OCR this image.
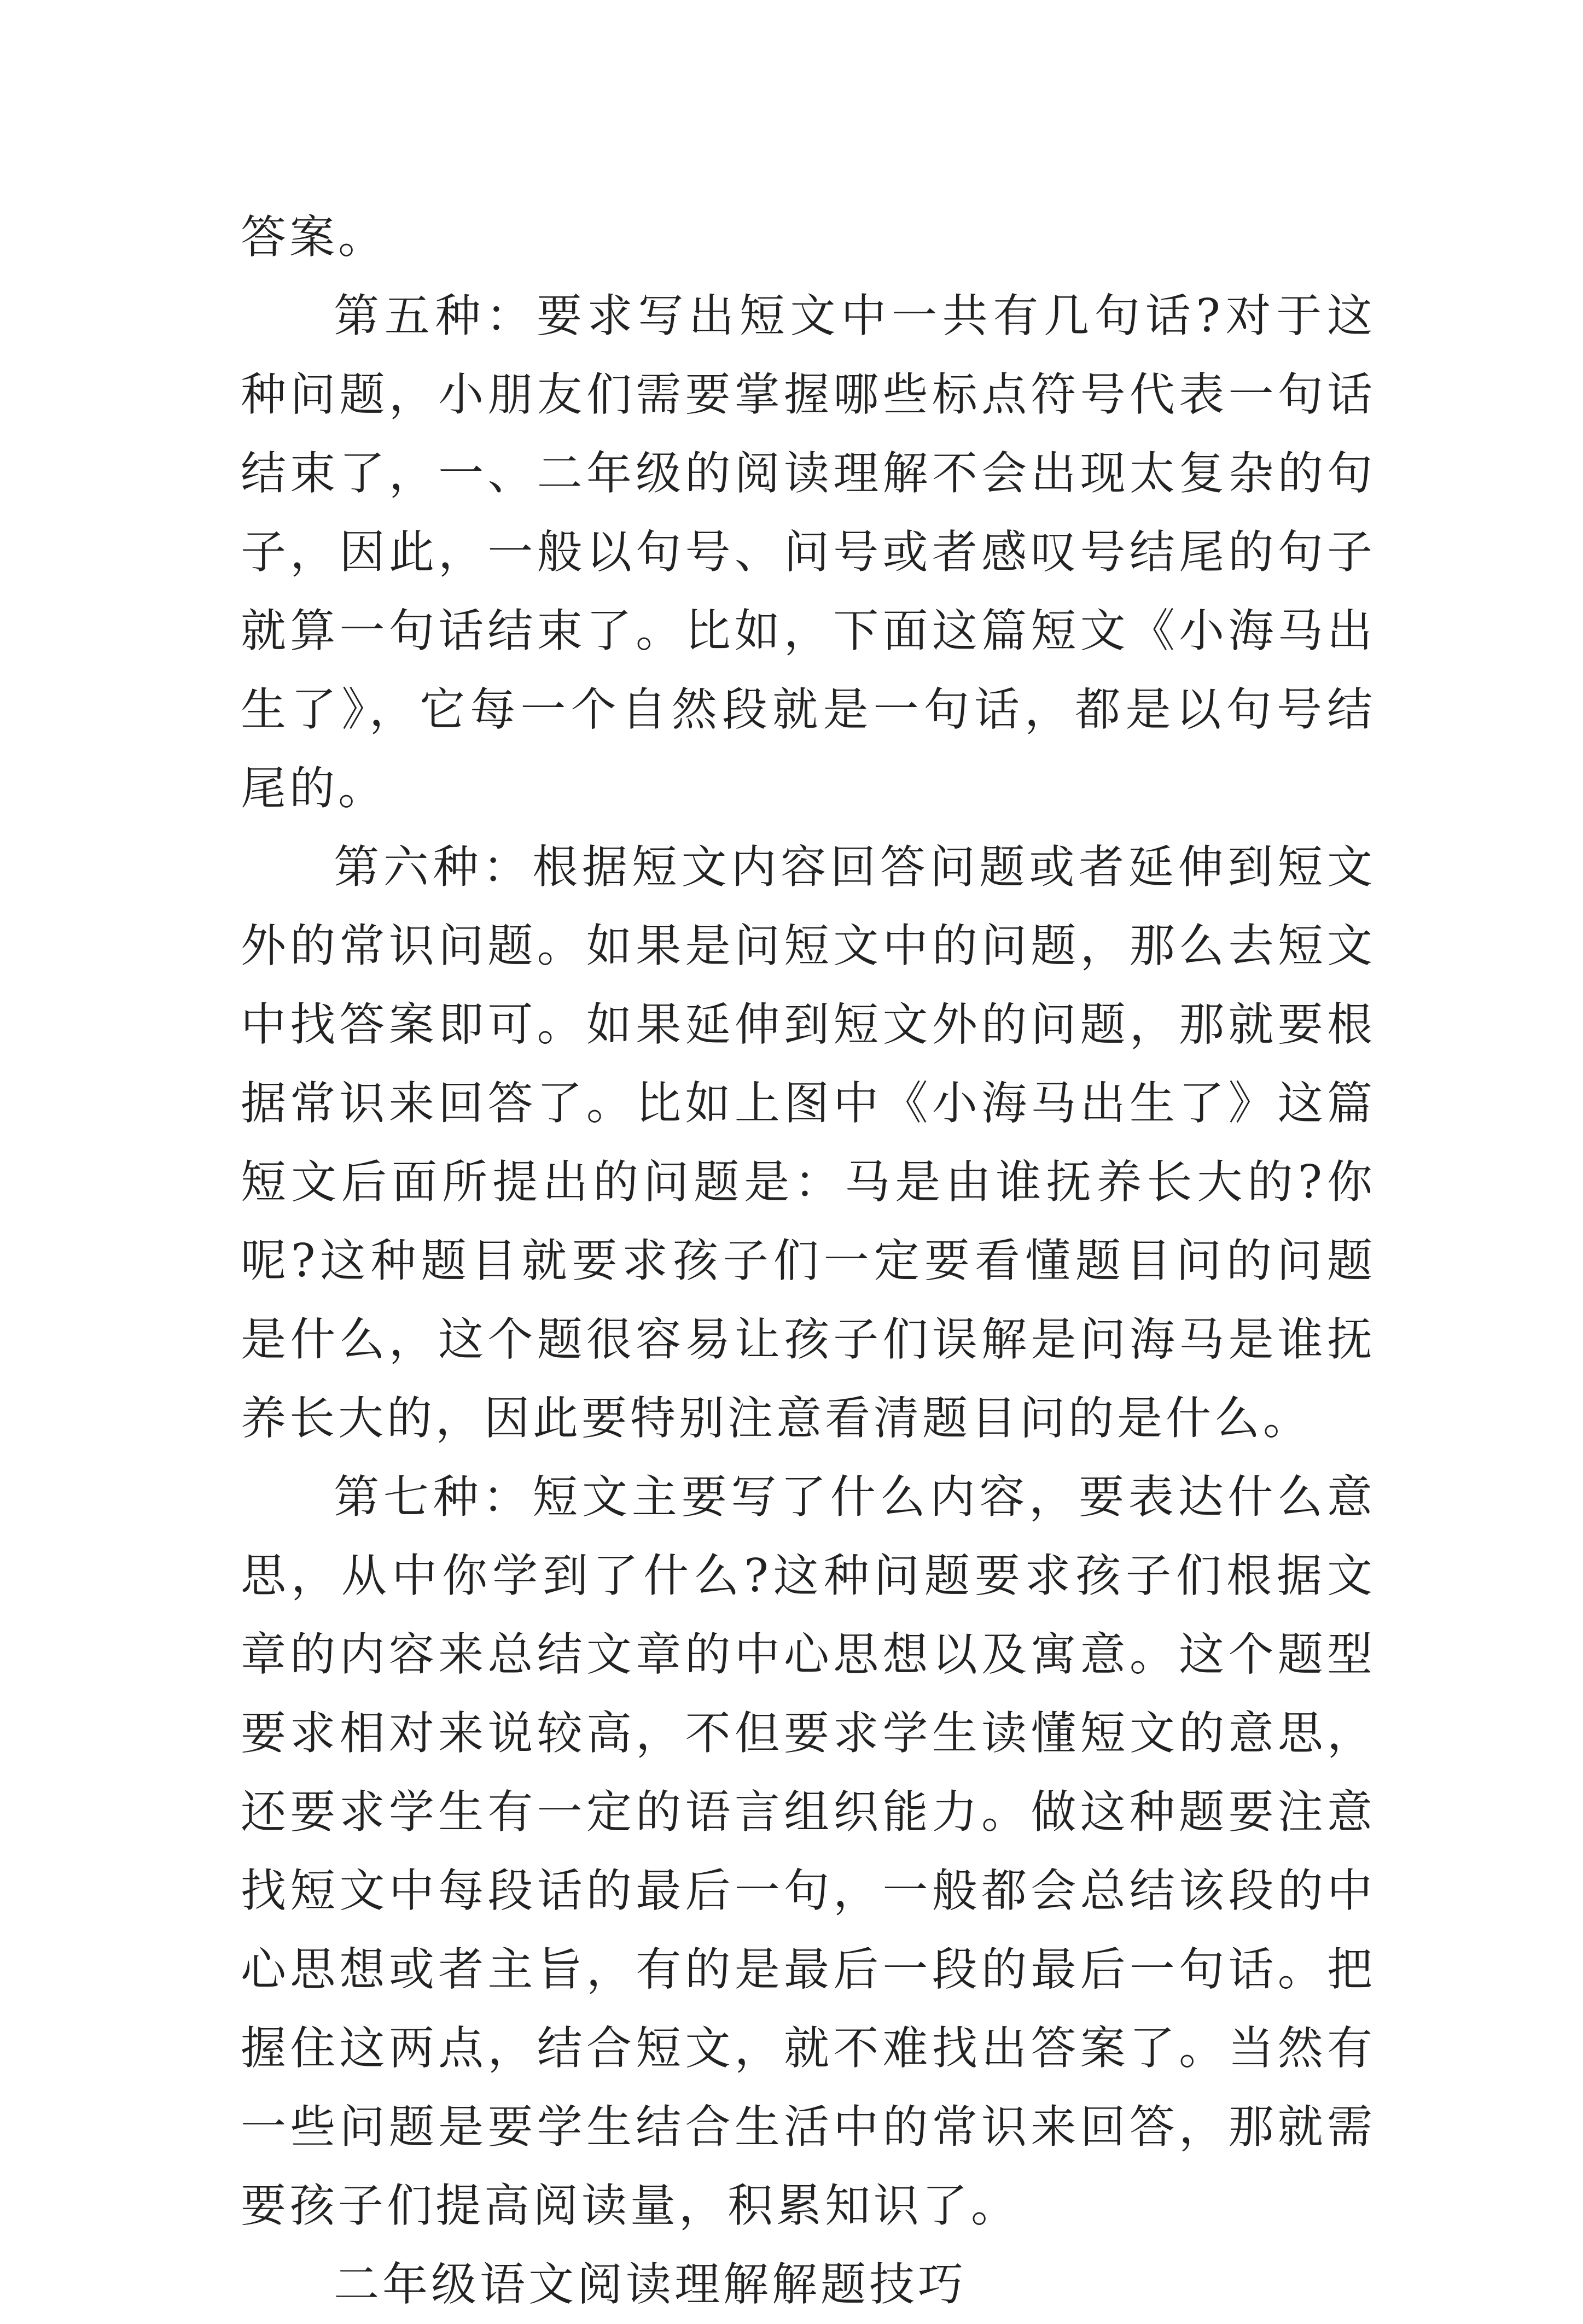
答案。

第五种：要求写出短文中一共有几句话?对于这种问题，小朋友们需要掌握哪些标点符号代表一句话结束了，一、二年级的阅读理解不会出现太复杂的句子，因此，一般以句号、问号或者感叹号结尾的句子就算一句话结束了。比如，下面这篇短文《小海马出生了》，它每一个自然段就是一句话，都是以句号结尾的。

第六种：根据短文内容回答问题或者延伸到短文外的常识问题。如果是问短文中的问题，那么去短文中找答案即可。如果延伸到短文外的问题，那就要根据常识来回答了。比如上图中《小海马出生了》这篇短文后面所提出的问题是：马是由谁抚养长大的?你呢?这种题目就要求孩子们一定要看懂题目问的问题是什么，这个题很容易让孩子们误解是问海马是谁抚养长大的，因此要特别注意看清题目问的是什么。

第七种：短文主要写了什么内容，要表达什么意思，从中你学到了什么?这种问题要求孩子们根据文章的内容来总结文章的中心思想以及寓意。这个题型要求相对来说较高，不但要求学生读懂短文的意思，还要求学生有一定的语言组织能力。做这种题要注意找短文中每段话的最后一句，一般都会总结该段的中心思想或者主旨，有的是最后一段的最后一句话。把握住这两点，结合短文，就不难找出答案了。当然有一些问题是要学生结合生活中的常识来回答，那就需要孩子们提高阅读量，积累知识了。

二年级语文阅读理解解题技巧
